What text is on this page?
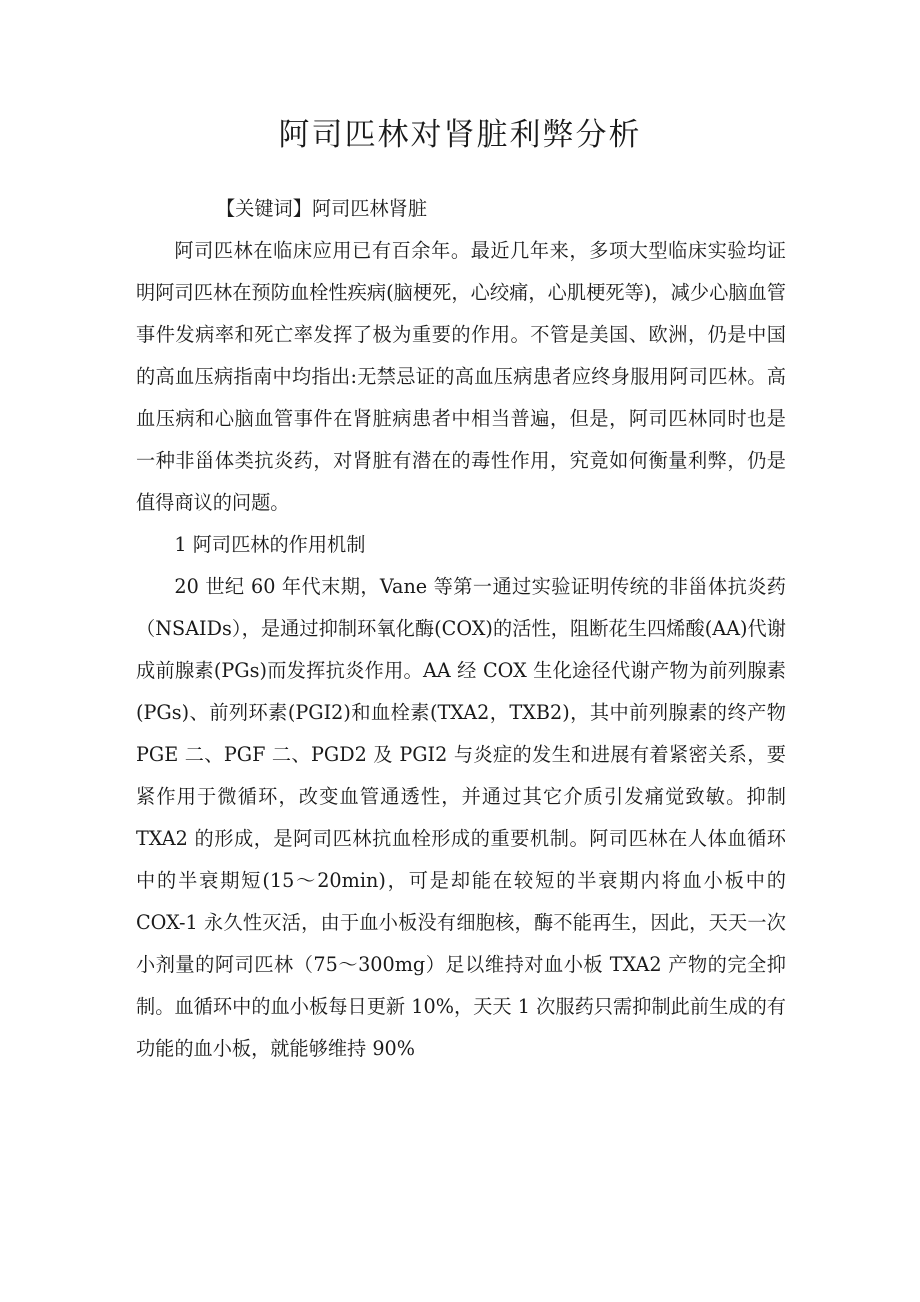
阿司匹林对肾脏利弊分析

【关键词】阿司匹林肾脏

阿司匹林在临床应用已有百余年。最近几年来，多项大型临床实验均证明阿司匹林在预防血栓性疾病(脑梗死，心绞痛，心肌梗死等)，减少心脑血管事件发病率和死亡率发挥了极为重要的作用。不管是美国、欧洲，仍是中国的高血压病指南中均指出:无禁忌证的高血压病患者应终身服用阿司匹林。高血压病和心脑血管事件在肾脏病患者中相当普遍，但是，阿司匹林同时也是一种非甾体类抗炎药，对肾脏有潜在的毒性作用，究竟如何衡量利弊，仍是值得商议的问题。

1 阿司匹林的作用机制

20 世纪 60 年代末期，Vane 等第一通过实验证明传统的非甾体抗炎药（NSAIDs），是通过抑制环氧化酶(COX)的活性，阻断花生四烯酸(AA)代谢成前腺素(PGs)而发挥抗炎作用。AA 经 COX 生化途径代谢产物为前列腺素(PGs)、前列环素(PGI2)和血栓素(TXA2，TXB2)，其中前列腺素的终产物 PGE 二、PGF 二、PGD2 及 PGI2 与炎症的发生和进展有着紧密关系，要紧作用于微循环，改变血管通透性，并通过其它介质引发痛觉致敏。抑制 TXA2 的形成，是阿司匹林抗血栓形成的重要机制。阿司匹林在人体血循环中的半衰期短(15～20min)，可是却能在较短的半衰期内将血小板中的 COX-1 永久性灭活，由于血小板没有细胞核，酶不能再生，因此，天天一次小剂量的阿司匹林（75～300mg）足以维持对血小板 TXA2 产物的完全抑制。血循环中的血小板每日更新 10%，天天 1 次服药只需抑制此前生成的有功能的血小板，就能够维持 90%
